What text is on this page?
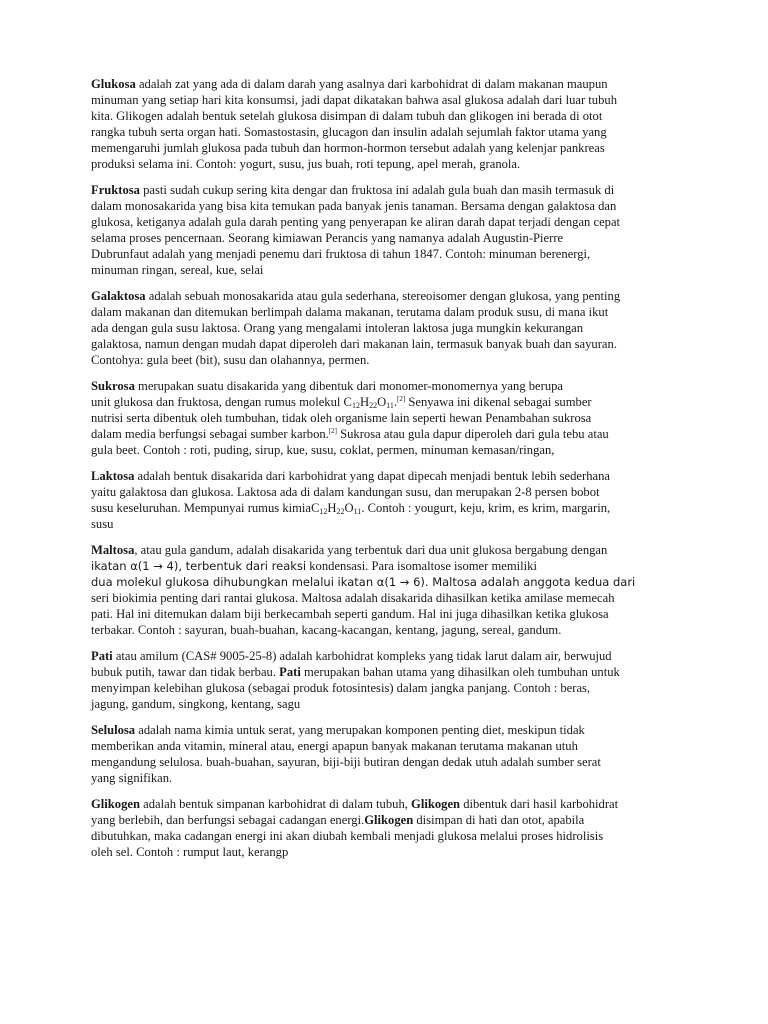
Glukosa adalah zat yang ada di dalam darah yang asalnya dari karbohidrat di dalam makanan maupun
minuman yang setiap hari kita konsumsi, jadi dapat dikatakan bahwa asal glukosa adalah dari luar tubuh
kita. Glikogen adalah bentuk setelah glukosa disimpan di dalam tubuh dan glikogen ini berada di otot
rangka tubuh serta organ hati. Somastostasin, glucagon dan insulin adalah sejumlah faktor utama yang
memengaruhi jumlah glukosa pada tubuh dan hormon-hormon tersebut adalah yang kelenjar pankreas
produksi selama ini. Contoh: yogurt, susu, jus buah, roti tepung, apel merah, granola.

Fruktosa pasti sudah cukup sering kita dengar dan fruktosa ini adalah gula buah dan masih termasuk di
dalam monosakarida yang bisa kita temukan pada banyak jenis tanaman. Bersama dengan galaktosa dan
glukosa, ketiganya adalah gula darah penting yang penyerapan ke aliran darah dapat terjadi dengan cepat
selama proses pencernaan. Seorang kimiawan Perancis yang namanya adalah Augustin-Pierre
Dubrunfaut adalah yang menjadi penemu dari fruktosa di tahun 1847. Contoh: minuman berenergi,
minuman ringan, sereal, kue, selai

Galaktosa adalah sebuah monosakarida atau gula sederhana, stereoisomer dengan glukosa, yang penting
dalam makanan dan ditemukan berlimpah dalama makanan, terutama dalam produk susu, di mana ikut
ada dengan gula susu laktosa. Orang yang mengalami intoleran laktosa juga mungkin kekurangan
galaktosa, namun dengan mudah dapat diperoleh dari makanan lain, termasuk banyak buah dan sayuran.
Contohya: gula beet (bit), susu dan olahannya, permen.

Sukrosa merupakan suatu disakarida yang dibentuk dari monomer-monomernya yang berupa
unit glukosa dan fruktosa, dengan rumus molekul $C_{12}H_{22}O_{11}.[2]$ Senyawa ini dikenal sebagai sumber
nutrisi serta dibentuk oleh tumbuhan, tidak oleh organisme lain seperti hewan Penambahan sukrosa
dalam media berfungsi sebagai sumber karbon.[2] Sukrosa atau gula dapur diperoleh dari gula tebu atau
gula beet. Contoh : roti, puding, sirup, kue, susu, coklat, permen, minuman kemasan/ringan,

Laktosa adalah bentuk disakarida dari karbohidrat yang dapat dipecah menjadi bentuk lebih sederhana
yaitu galaktosa dan glukosa. Laktosa ada di dalam kandungan susu, dan merupakan 2-8 persen bobot
susu keseluruhan. Mempunyai rumus $kimiaC_{12}H_{22}O_{11}$. Contoh : yougurt, keju, krim, es krim, margarin,
susu

Maltosa, atau gula gandum, adalah disakarida yang terbentuk dari dua unit glukosa bergabung dengan
ikatan α(1 → 4), terbentuk dari reaksi kondensasi. Para isomaltose isomer memiliki
dua molekul glukosa dihubungkan melalui ikatan α(1 → 6). Maltosa adalah anggota kedua dari
seri biokimia penting dari rantai glukosa. Maltosa adalah disakarida dihasilkan ketika amilase memecah
pati. Hal ini ditemukan dalam biji berkecambah seperti gandum. Hal ini juga dihasilkan ketika glukosa
terbakar. Contoh : sayuran, buah-buahan, kacang-kacangan, kentang, jagung, sereal, gandum.

Pati atau amilum (CAS# 9005-25-8) adalah karbohidrat kompleks yang tidak larut dalam air, berwujud
bubuk putih, tawar dan tidak berbau. Pati merupakan bahan utama yang dihasilkan oleh tumbuhan untuk
menyimpan kelebihan glukosa (sebagai produk fotosintesis) dalam jangka panjang. Contoh : beras,
jagung, gandum, singkong, kentang, sagu

Selulosa adalah nama kimia untuk serat, yang merupakan komponen penting diet, meskipun tidak
memberikan anda vitamin, mineral atau, energi apapun banyak makanan terutama makanan utuh
mengandung selulosa. buah-buahan, sayuran, biji-biji butiran dengan dedak utuh adalah sumber serat
yang signifikan.

Glikogen adalah bentuk simpanan karbohidrat di dalam tubuh, Glikogen dibentuk dari hasil karbohidrat
yang berlebih, dan berfungsi sebagai cadangan energi.Glikogen disimpan di hati dan otot, apabila
dibutuhkan, maka cadangan energi ini akan diubah kembali menjadi glukosa melalui proses hidrolisis
oleh sel. Contoh : rumput laut, kerangp
